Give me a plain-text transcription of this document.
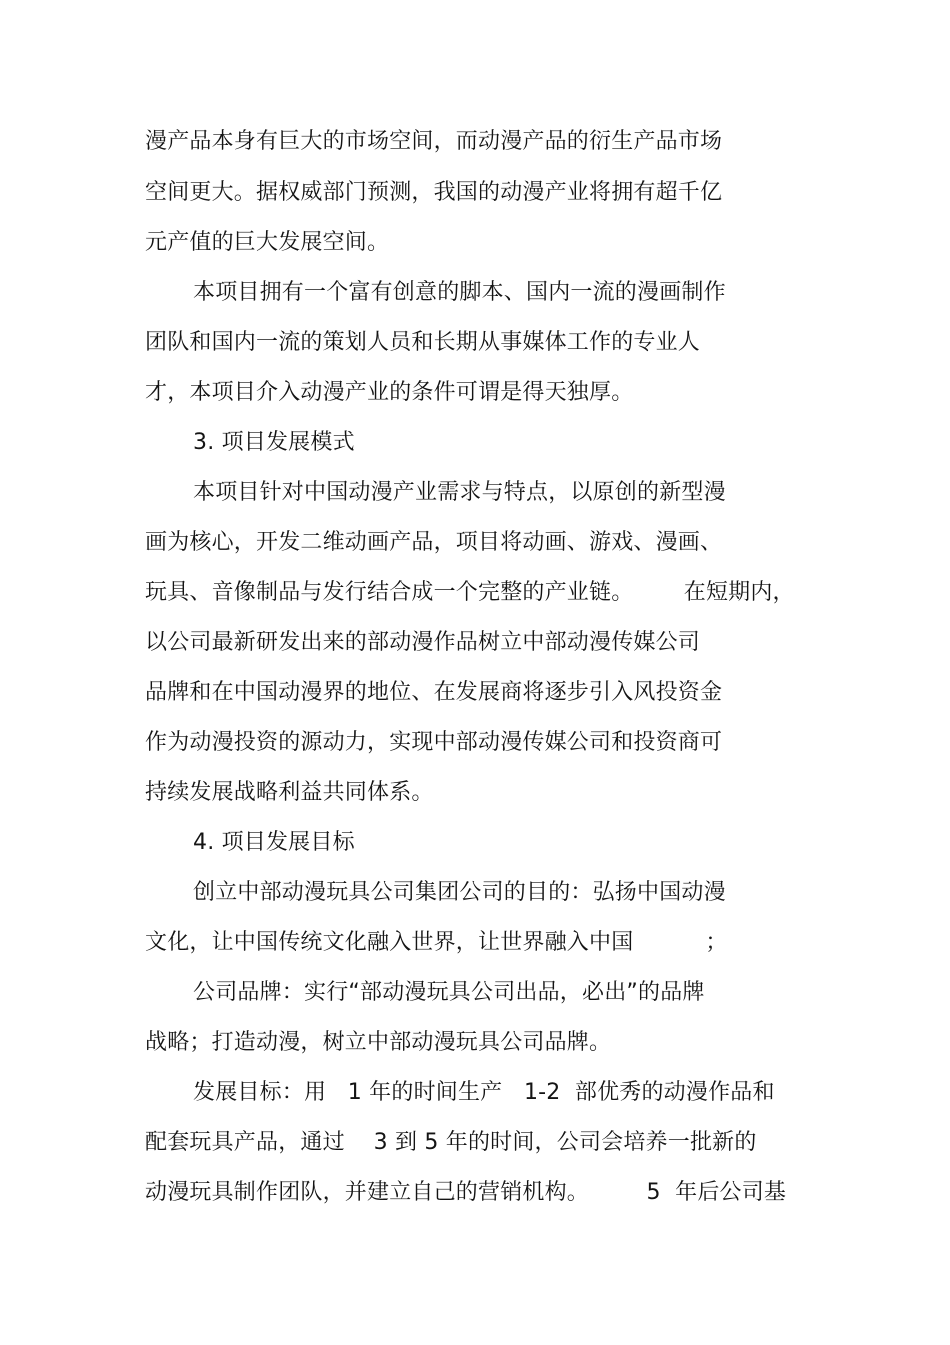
漫产品本身有巨大的市场空间，而动漫产品的衍生产品市场
空间更大。据权威部门预测，我国的动漫产业将拥有超千亿
元产值的巨大发展空间。
本项目拥有一个富有创意的脚本、国内一流的漫画制作
团队和国内一流的策划人员和长期从事媒体工作的专业人
才，本项目介入动漫产业的条件可谓是得天独厚。
3. 项目发展模式
本项目针对中国动漫产业需求与特点，以原创的新型漫
画为核心，开发二维动画产品，项目将动画、游戏、漫画、
玩具、音像制品与发行结合成一个完整的产业链。       在短期内，
以公司最新研发出来的部动漫作品树立中部动漫传媒公司
品牌和在中国动漫界的地位、在发展商将逐步引入风投资金
作为动漫投资的源动力，实现中部动漫传媒公司和投资商可
持续发展战略利益共同体系。
4. 项目发展目标
创立中部动漫玩具公司集团公司的目的：弘扬中国动漫
文化，让中国传统文化融入世界，让世界融入中国          ；
公司品牌：实行“部动漫玩具公司出品，必出”的品牌
战略；打造动漫，树立中部动漫玩具公司品牌。
发展目标：用   1 年的时间生产   1-2  部优秀的动漫作品和
配套玩具产品，通过    3 到 5 年的时间，公司会培养一批新的
动漫玩具制作团队，并建立自己的营销机构。        5  年后公司基
